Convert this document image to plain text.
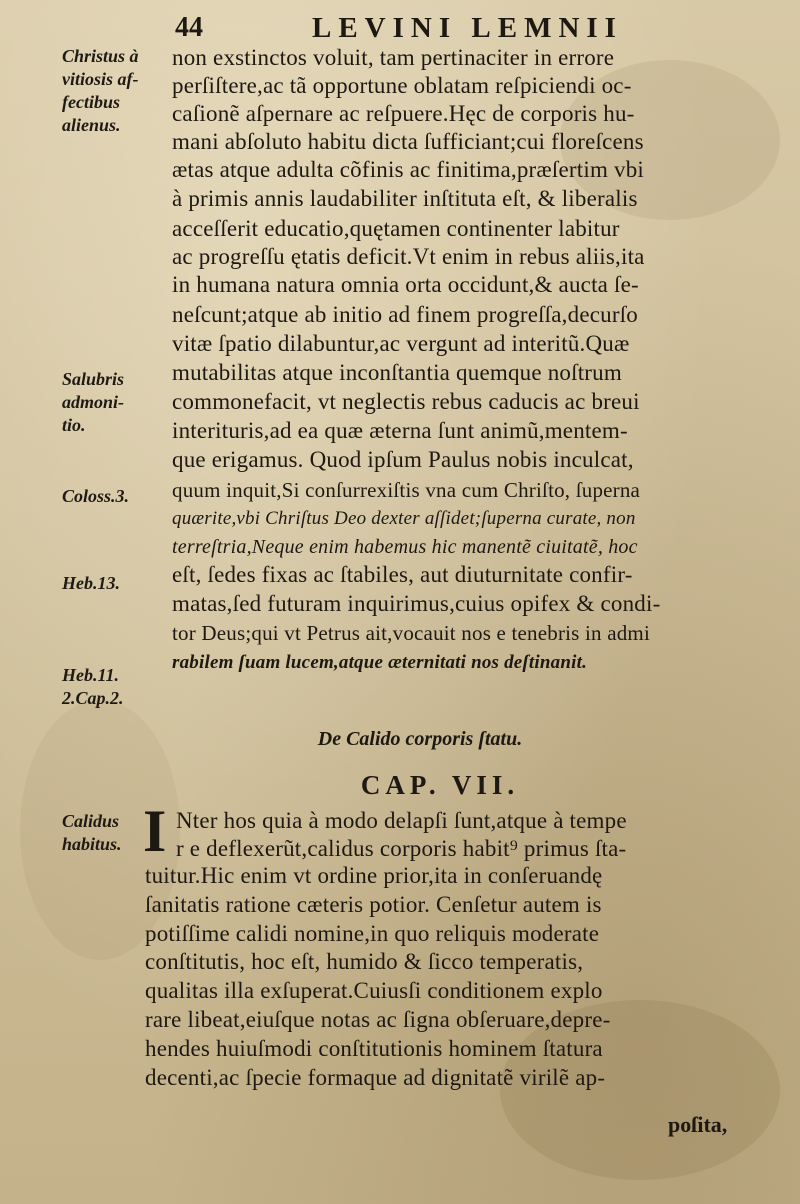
44	LEVINI LEMNII
Christus à
vitiosis af-
fectibus
alienus.
Salubris
admoni-
tio.
Coloss.3.
Heb.13.
Heb.11.
2.Cap.2.
Calidus
habitus.
non exstinctos voluit, tam pertinaciter in errore
perſiſtere,ac tã opportune oblatam reſpiciendi oc-
caſionẽ aſpernare ac reſpuere.Hęc de corporis hu-
mani abſoluto habitu dicta ſufficiant;cui floreſcens
ætas atque adulta cõfinis ac finitima,præſertim vbi
à primis annis laudabiliter inſtituta eſt, & liberalis
acceſſerit educatio,quętamen continenter labitur
ac progreſſu ętatis deficit.Vt enim in rebus aliis,ita
in humana natura omnia orta occidunt,& aucta ſe-
neſcunt;atque ab initio ad finem progreſſa,decurſo
vitæ ſpatio dilabuntur,ac vergunt ad interitũ.Quæ
mutabilitas atque inconſtantia quemque noſtrum
commonefacit, vt neglectis rebus caducis ac breui
interituris,ad ea quæ æterna ſunt animũ,mentem-
que erigamus. Quod ipſum Paulus nobis inculcat,
quum inquit,Si conſurrexiſtis vna cum Chriſto, ſuperna
quærite,vbi Chriſtus Deo dexter aſſidet;ſuperna curate, non
terreſtria,Neque enim habemus hic manentẽ ciuitatẽ, hoc
eſt, ſedes fixas ac ſtabiles, aut diuturnitate confir-
matas,ſed futuram inquirimus,cuius opifex & condi-
tor Deus;qui vt Petrus ait,vocauit nos e tenebris in admi
rabilem ſuam lucem,atque æternitati nos deſtinanit.
De Calido corporis ſtatu.
CAP. VII.
I Nter hos quia à modo delapſi ſunt,atque à tempe
r e deflexerũt,calidus corporis habit⁹ primus ſta-
tuitur.Hic enim vt ordine prior,ita in conſeruandę
ſanitatis ratione cæteris potior. Cenſetur autem is
potiſſime calidi nomine,in quo reliquis moderate
conſtitutis, hoc eſt, humido & ſicco temperatis,
qualitas illa exſuperat.Cuiusſi conditionem explo
rare libeat,eiuſque notas ac ſigna obſeruare,depre-
hendes huiuſmodi conſtitutionis hominem ſtatura
decenti,ac ſpecie formaque ad dignitatẽ virilẽ ap-
poſita,
